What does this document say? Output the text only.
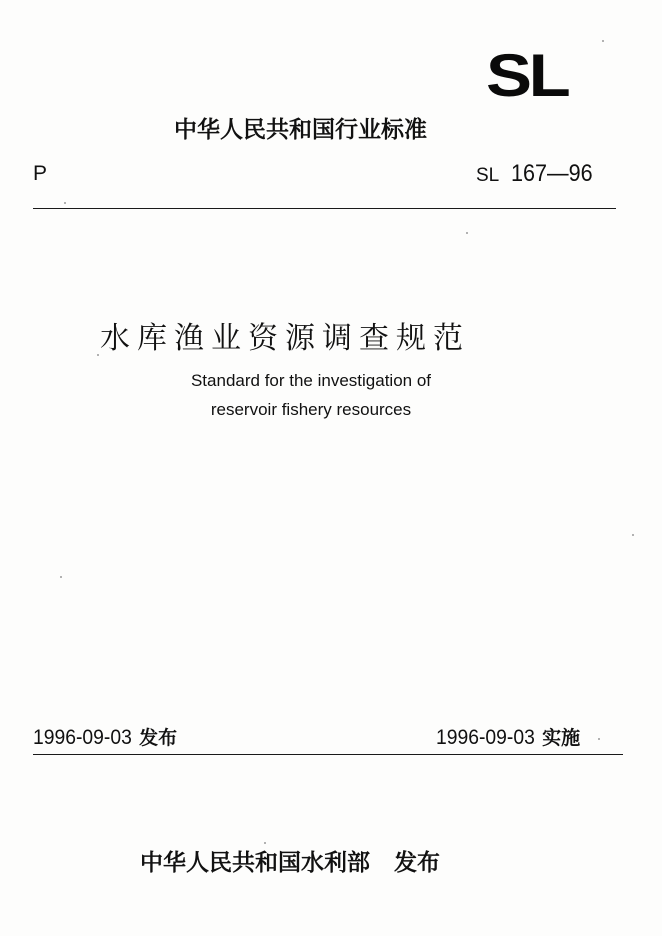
SL
中华人民共和国行业标准
P	SL 167—96
水库渔业资源调查规范
Standard for the investigation of
reservoir fishery resources
1996-09-03 发布	1996-09-03 实施
中华人民共和国水利部 发布
